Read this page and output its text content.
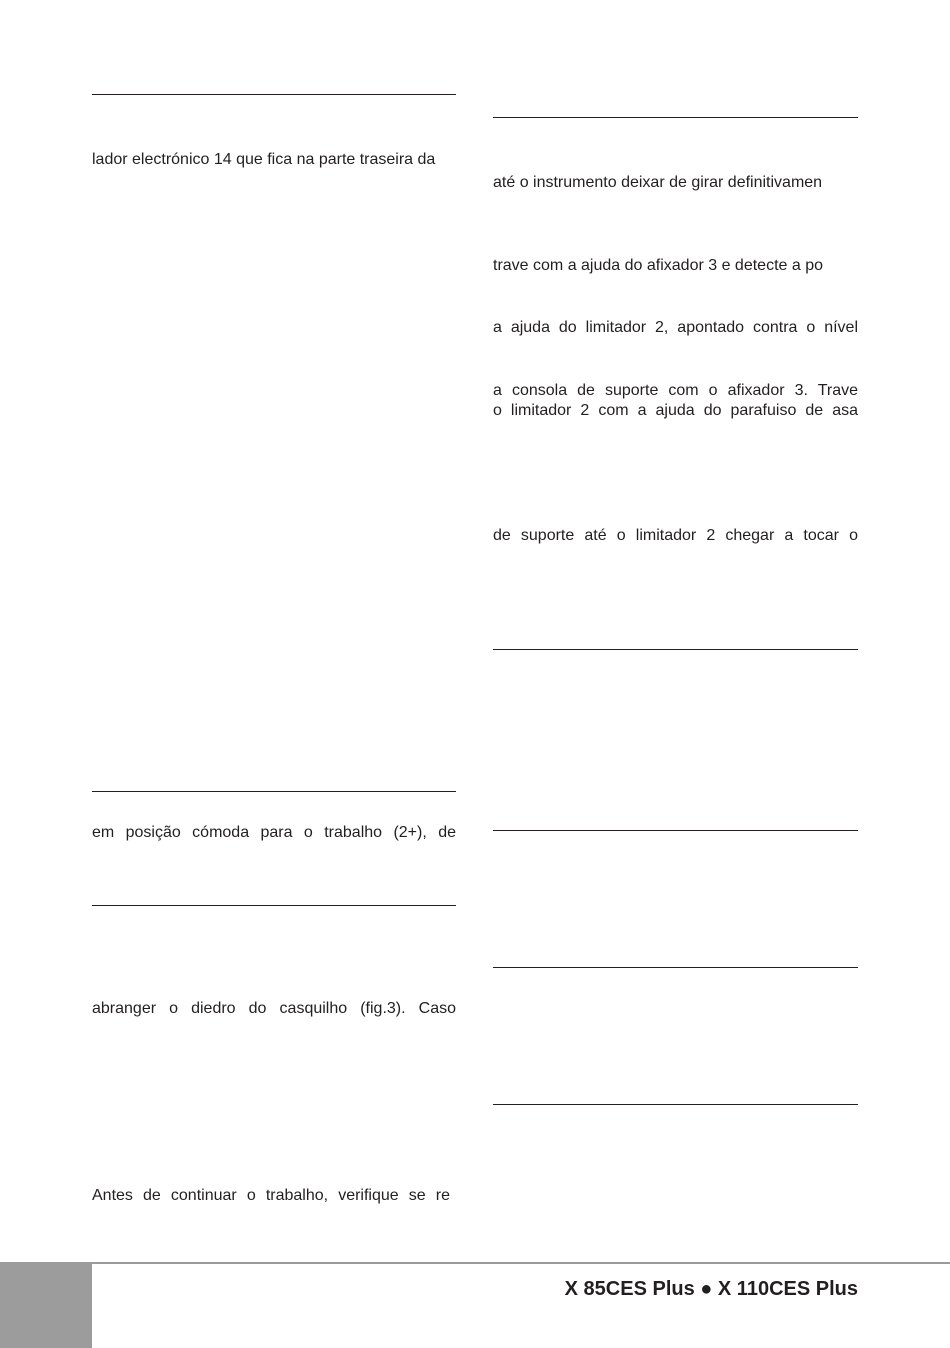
lador electrónico 14 que fica na parte traseira da
em posição cómoda para o trabalho (2+), de
abranger o diedro do casquilho (fig.3). Caso
Antes de continuar o trabalho, verifique se re
até o instrumento deixar de girar definitivamen
trave com a ajuda do afixador 3 e detecte a po
a ajuda do limitador 2, apontado contra o nível
a consola de suporte com o afixador 3. Trave
o limitador 2 com a ajuda do parafuiso de asa
de suporte até o limitador 2 chegar a tocar o
X 85CES Plus ● X 110CES Plus
